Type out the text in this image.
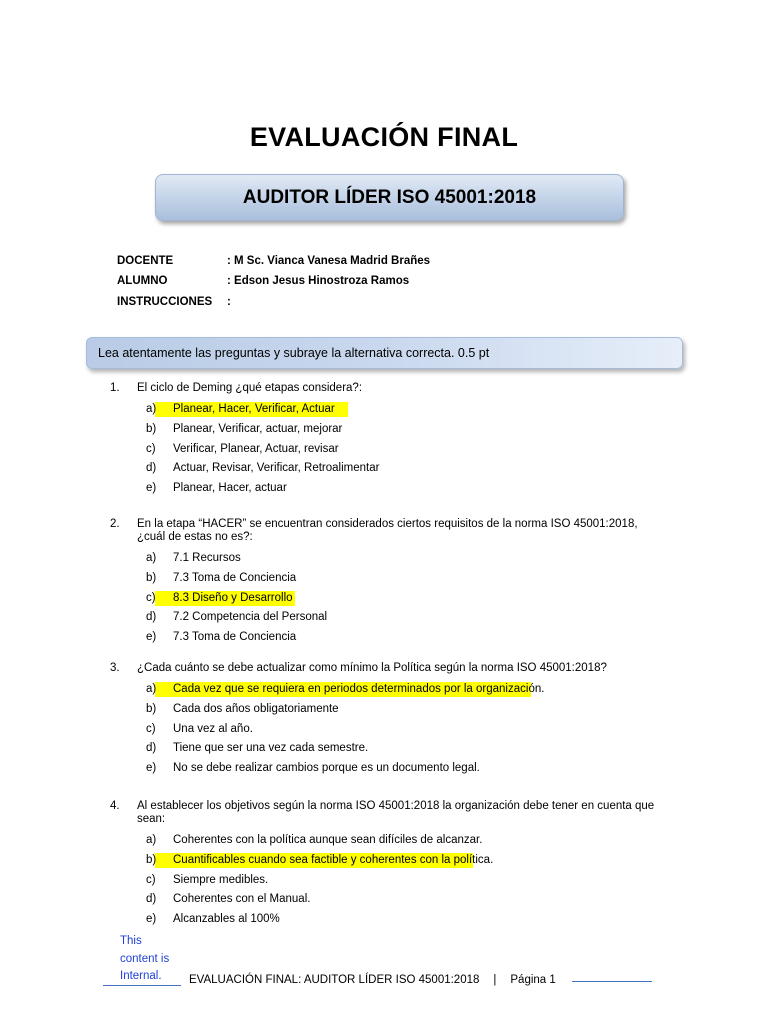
EVALUACIÓN FINAL
AUDITOR LÍDER ISO 45001:2018
DOCENTE	: M Sc. Vianca Vanesa Madrid Brañes
ALUMNO	: Edson Jesus Hinostroza Ramos
INSTRUCCIONES :
Lea atentamente las preguntas y subraye la alternativa correcta. 0.5 pt
1. El ciclo de Deming ¿qué etapas considera?:
a) Planear, Hacer, Verificar, Actuar
b) Planear, Verificar, actuar, mejorar
c) Verificar, Planear, Actuar, revisar
d) Actuar, Revisar, Verificar, Retroalimentar
e) Planear, Hacer, actuar
2. En la etapa “HACER” se encuentran considerados ciertos requisitos de la norma ISO 45001:2018, ¿cuál de estas no es?:
a) 7.1 Recursos
b) 7.3 Toma de Conciencia
c) 8.3 Diseño y Desarrollo
d) 7.2 Competencia del Personal
e) 7.3 Toma de Conciencia
3. ¿Cada cuánto se debe actualizar como mínimo la Política según la norma ISO 45001:2018?
a) Cada vez que se requiera en periodos determinados por la organización.
b) Cada dos años obligatoriamente
c) Una vez al año.
d) Tiene que ser una vez cada semestre.
e) No se debe realizar cambios porque es un documento legal.
4. Al establecer los objetivos según la norma ISO 45001:2018 la organización debe tener en cuenta que sean:
a) Coherentes con la política aunque sean difíciles de alcanzar.
b) Cuantificables cuando sea factible y coherentes con la política.
c) Siempre medibles.
d) Coherentes con el Manual.
e) Alcanzables al 100%
This content is Internal.	EVALUACIÓN FINAL: AUDITOR LÍDER ISO 45001:2018 | Página 1
